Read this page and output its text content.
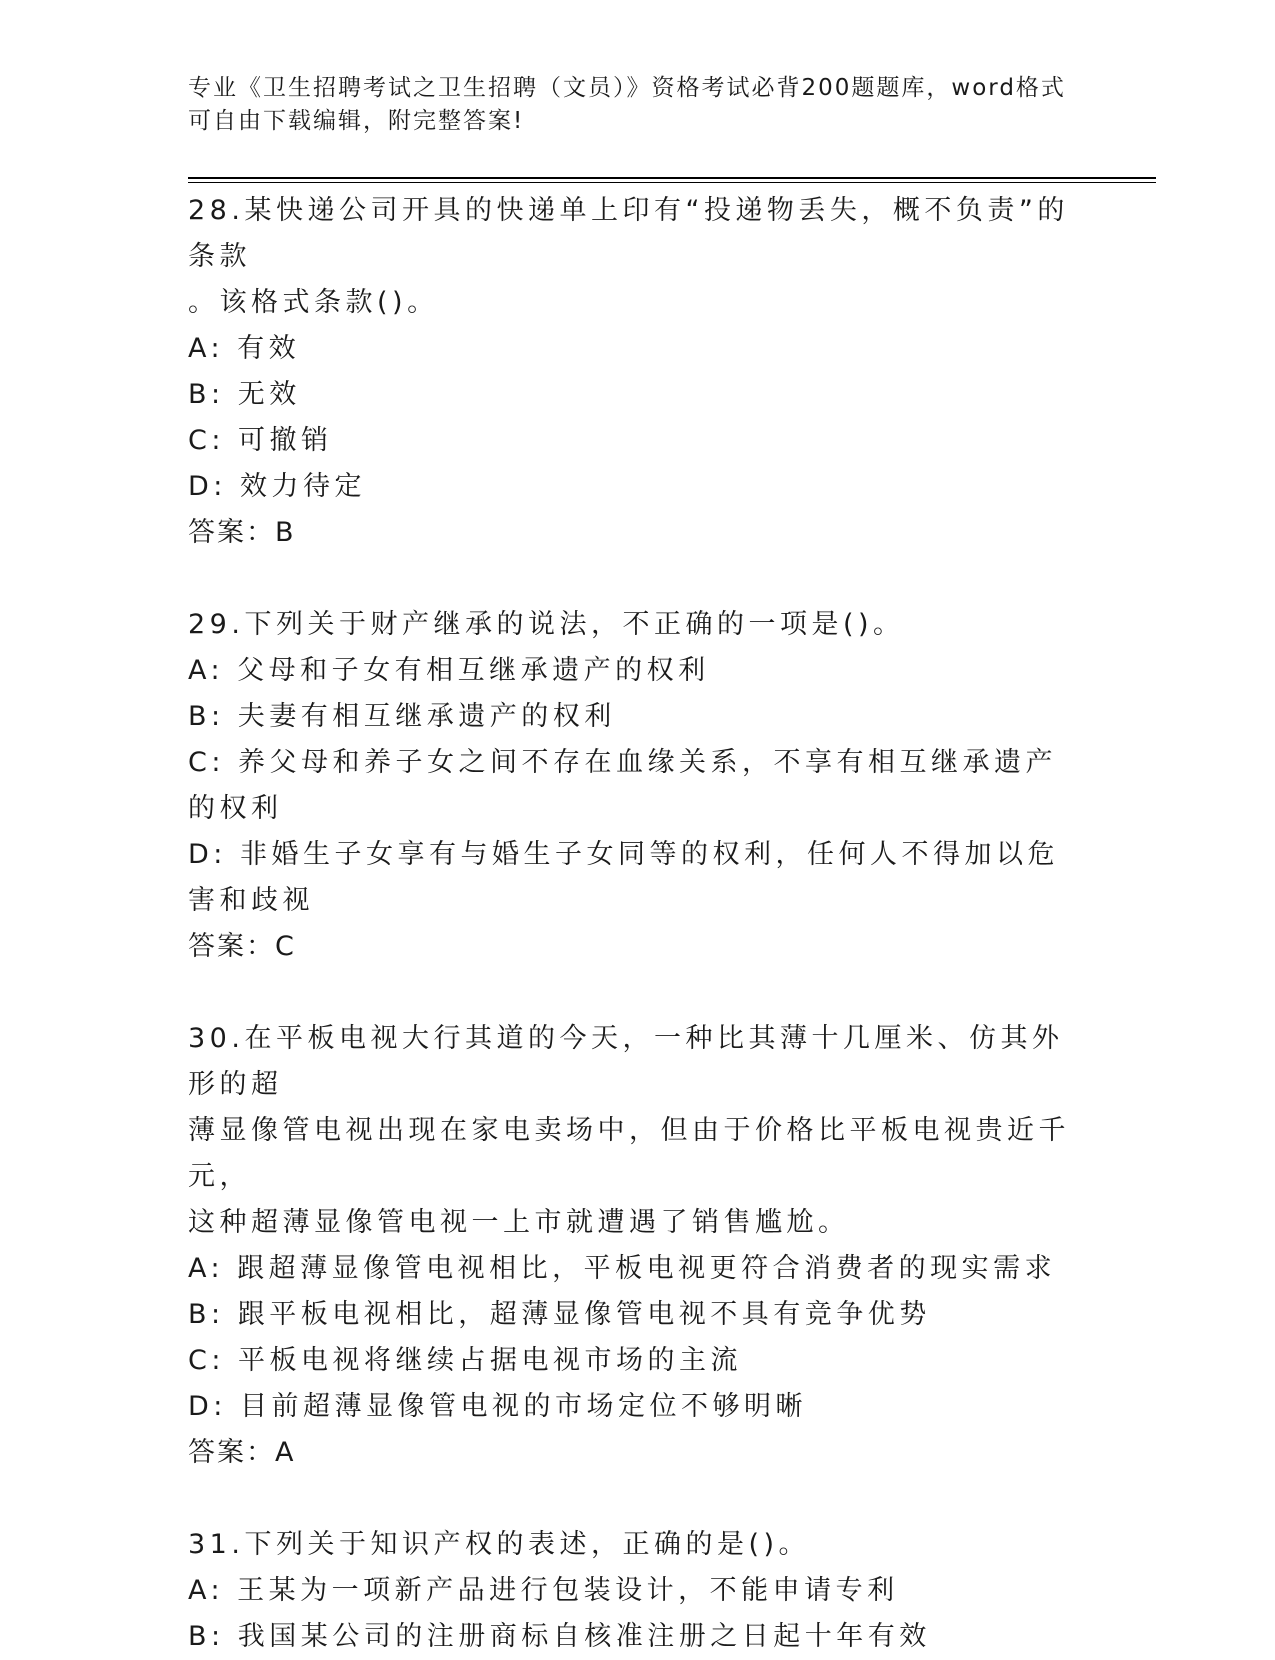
专业《卫生招聘考试之卫生招聘（文员）》资格考试必背200题题库，word格式
可自由下载编辑，附完整答案!
28.某快递公司开具的快递单上印有“投递物丢失，概不负责”的条款
。该格式条款()。
A: 有效
B: 无效
C: 可撤销
D: 效力待定
答案：B
29.下列关于财产继承的说法，不正确的一项是()。
A: 父母和子女有相互继承遗产的权利
B: 夫妻有相互继承遗产的权利
C: 养父母和养子女之间不存在血缘关系，不享有相互继承遗产的权利
D: 非婚生子女享有与婚生子女同等的权利，任何人不得加以危害和歧视
答案：C
30.在平板电视大行其道的今天，一种比其薄十几厘米、仿其外形的超
薄显像管电视出现在家电卖场中，但由于价格比平板电视贵近千元，
这种超薄显像管电视一上市就遭遇了销售尴尬。
A: 跟超薄显像管电视相比，平板电视更符合消费者的现实需求
B: 跟平板电视相比，超薄显像管电视不具有竞争优势
C: 平板电视将继续占据电视市场的主流
D: 目前超薄显像管电视的市场定位不够明晰
答案：A
31.下列关于知识产权的表述，正确的是()。
A: 王某为一项新产品进行包装设计，不能申请专利
B: 我国某公司的注册商标自核准注册之日起十年有效
